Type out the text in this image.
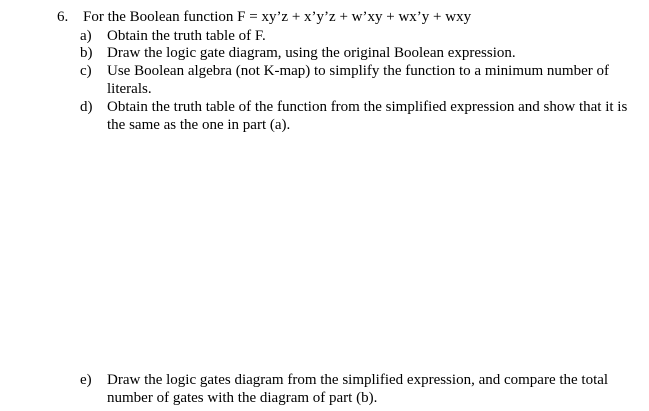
6. For the Boolean function F = xy’z + x’y’z + w’xy + wx’y + wxy
a)	Obtain the truth table of F.
b) Draw the logic gate diagram, using the original Boolean expression.
c)	Use Boolean algebra (not K-map) to simplify the function to a minimum number of literals.
d) Obtain the truth table of the function from the simplified expression and show that it is the same as the one in part (a).
e)	Draw the logic gates diagram from the simplified expression, and compare the total number of gates with the diagram of part (b).
